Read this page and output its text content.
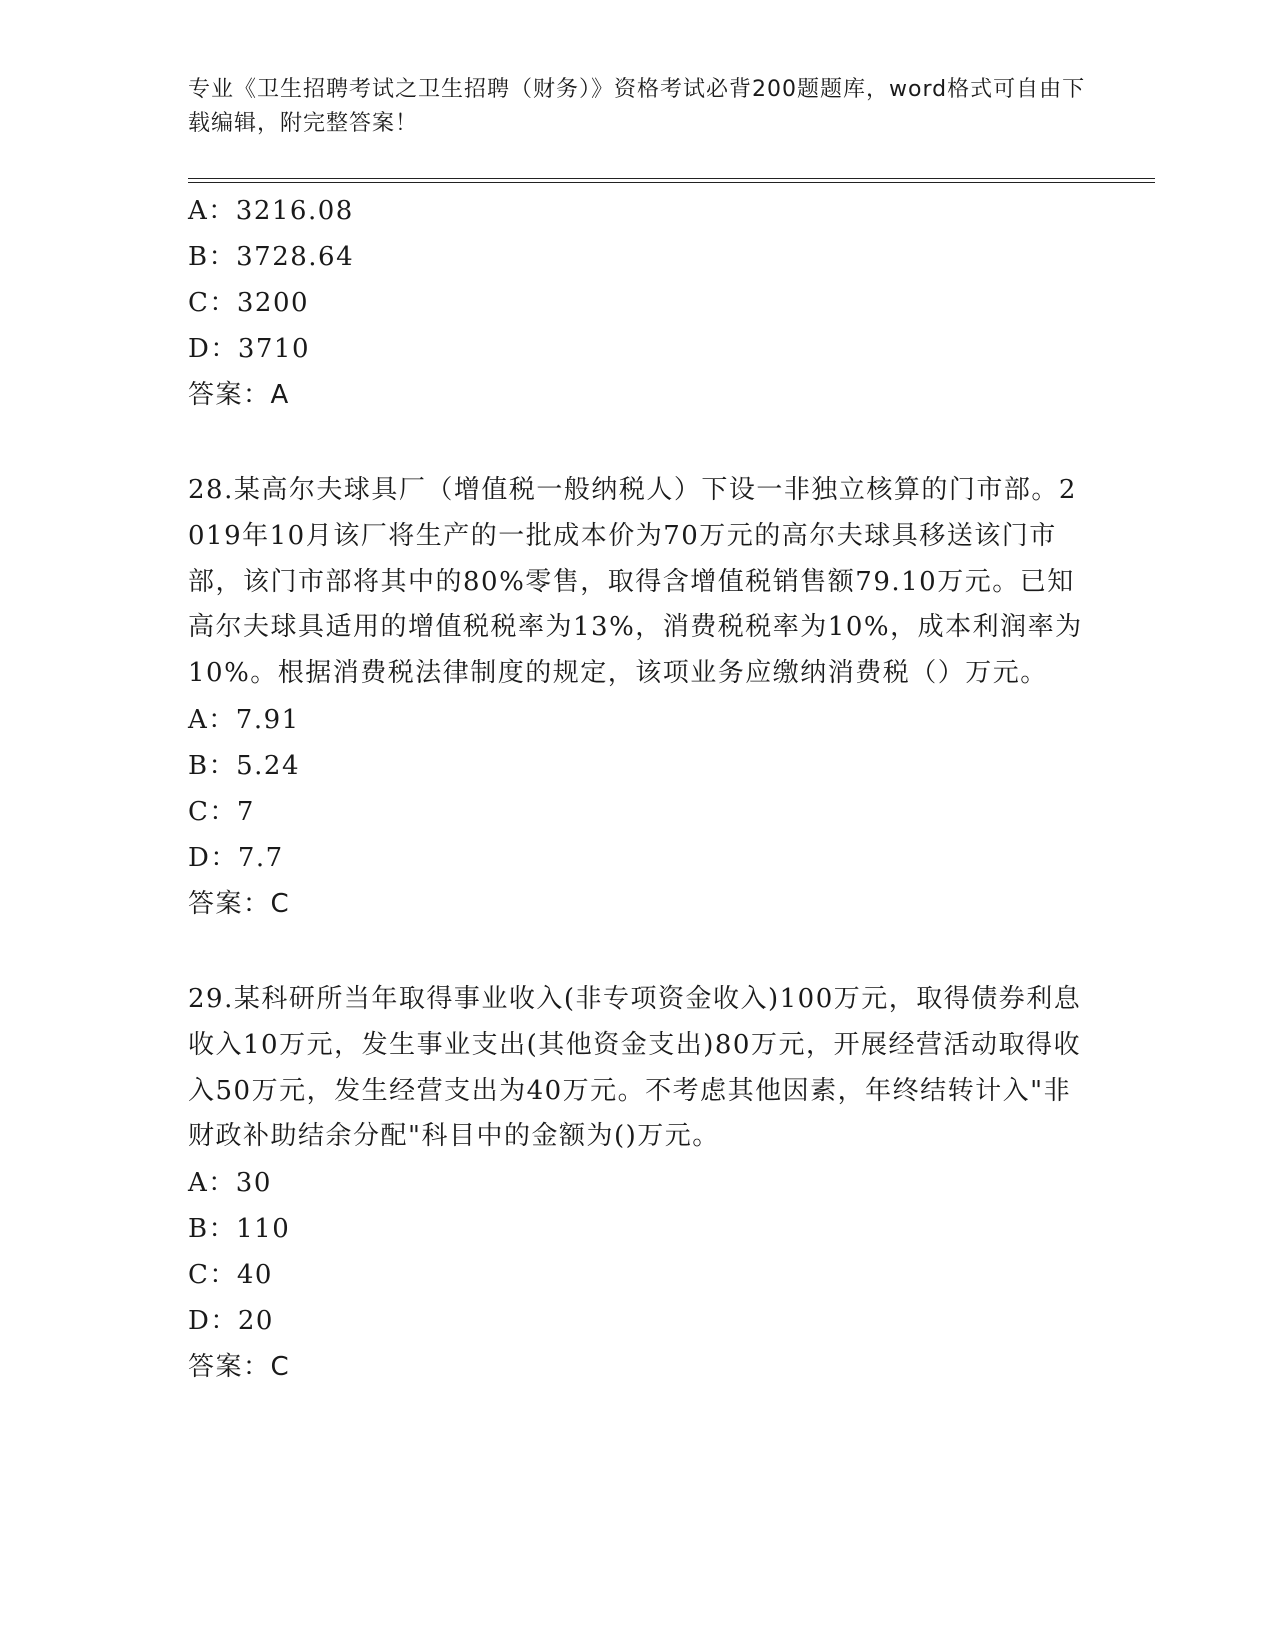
专业《卫生招聘考试之卫生招聘（财务）》资格考试必背200题题库，word格式可自由下载编辑，附完整答案！
A：3216.08
B：3728.64
C：3200
D：3710
答案：A
28.某高尔夫球具厂（增值税一般纳税人）下设一非独立核算的门市部。2019年10月该厂将生产的一批成本价为70万元的高尔夫球具移送该门市部，该门市部将其中的80%零售，取得含增值税销售额79.10万元。已知高尔夫球具适用的增值税税率为13%，消费税税率为10%，成本利润率为10%。根据消费税法律制度的规定，该项业务应缴纳消费税（）万元。
A：7.91
B：5.24
C：7
D：7.7
答案：C
29.某科研所当年取得事业收入(非专项资金收入)100万元，取得债券利息收入10万元，发生事业支出(其他资金支出)80万元，开展经营活动取得收入50万元，发生经营支出为40万元。不考虑其他因素，年终结转计入"非财政补助结余分配"科目中的金额为()万元。
A：30
B：110
C：40
D：20
答案：C
